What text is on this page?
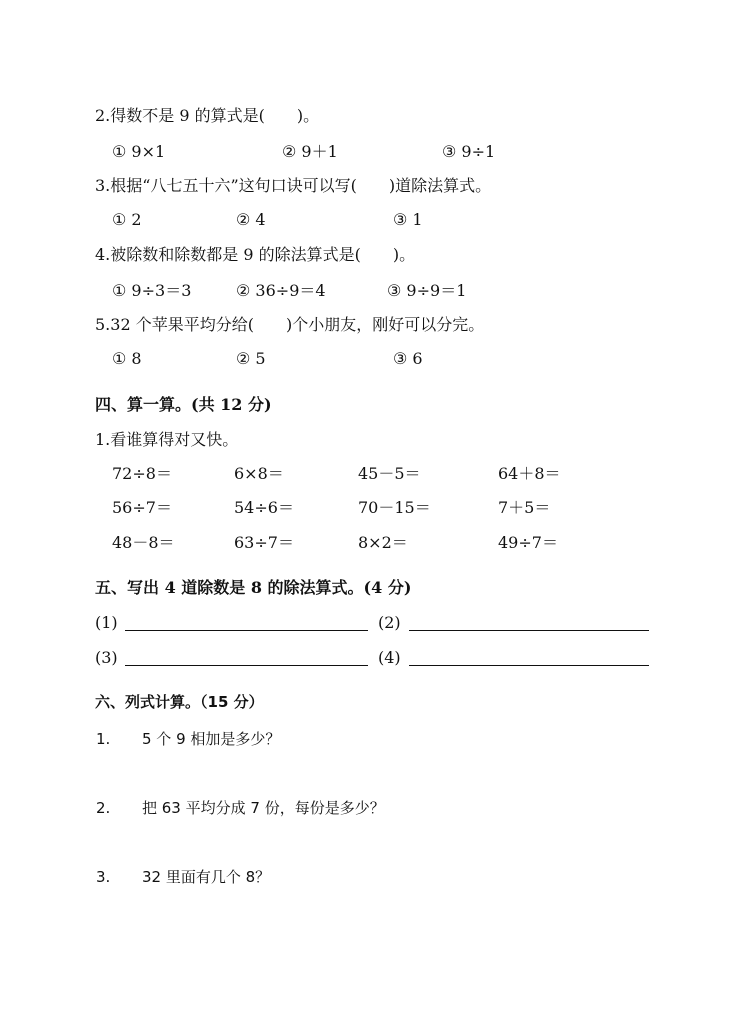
2.得数不是 9 的算式是(　　)。
① 9×1	② 9＋1	③ 9÷1
3.根据“八七五十六”这句口诀可以写(　　)道除法算式。
① 2	② 4	③ 1
4.被除数和除数都是 9 的除法算式是(　　)。
① 9÷3＝3	② 36÷9＝4	③ 9÷9＝1
5.32 个苹果平均分给(　　)个小朋友，刚好可以分完。
① 8	② 5	③ 6
四、算一算。(共 12 分)
1.看谁算得对又快。
72÷8＝	6×8＝	45－5＝	64＋8＝
56÷7＝	54÷6＝	70－15＝	7＋5＝
48－8＝	63÷7＝	8×2＝	49÷7＝
五、写出 4 道除数是 8 的除法算式。(4 分)
(1)	(2)
(3)	(4)
六、列式计算。（15 分）
1. 5 个 9 相加是多少？
2. 把 63 平均分成 7 份，每份是多少？
3. 32 里面有几个 8？
